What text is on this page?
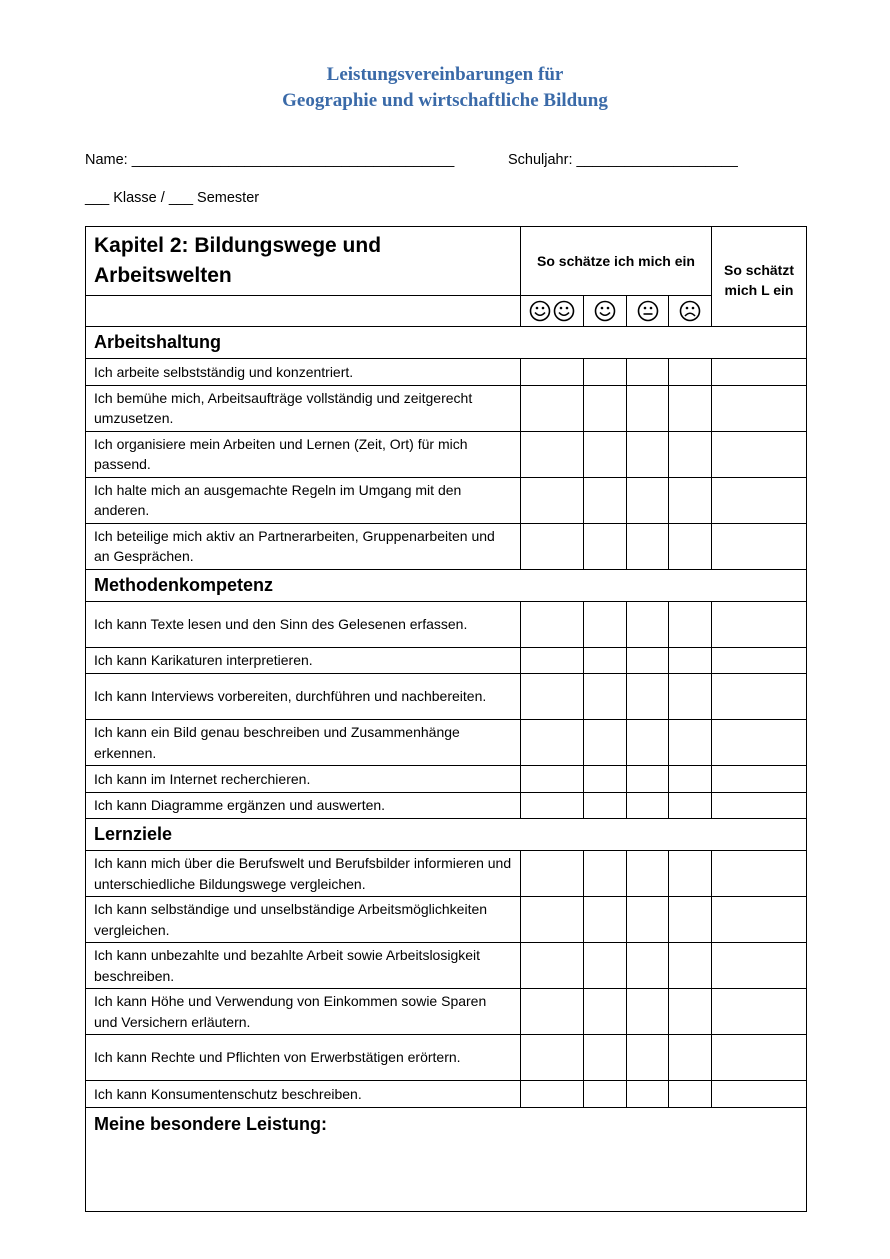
Leistungsvereinbarungen für
Geographie und wirtschaftliche Bildung
Name: ________________________________________	Schuljahr: ____________________
___ Klasse / ___ Semester
Kapitel 2: Bildungswege und Arbeitswelten	So schätze ich mich ein				So schätzt mich L ein

Arbeitshaltung					
Ich arbeite selbstständig und konzentriert.					
Ich bemühe mich, Arbeitsaufträge vollständig und zeitgerecht umzusetzen.					
Ich organisiere mein Arbeiten und Lernen (Zeit, Ort) für mich passend.					
Ich halte mich an ausgemachte Regeln im Umgang mit den anderen.					
Ich beteilige mich aktiv an Partnerarbeiten, Gruppenarbeiten und an Gesprächen.					
Methodenkompetenz					
Ich kann Texte lesen und den Sinn des Gelesenen erfassen.					
Ich kann Karikaturen interpretieren.					
Ich kann Interviews vorbereiten, durchführen und nachbereiten.					
Ich kann ein Bild genau beschreiben und Zusammenhänge erkennen.					
Ich kann im Internet recherchieren.					
Ich kann Diagramme ergänzen und auswerten.					
Lernziele					
Ich kann mich über die Berufswelt und Berufsbilder informieren und unterschiedliche Bildungswege vergleichen.					
Ich kann selbständige und unselbständige Arbeitsmöglichkeiten vergleichen.					
Ich kann unbezahlte und bezahlte Arbeit sowie Arbeitslosigkeit beschreiben.					
Ich kann Höhe und Verwendung von Einkommen sowie Sparen und Versichern erläutern.					
Ich kann Rechte und Pflichten von Erwerbstätigen erörtern.					
Ich kann Konsumentenschutz beschreiben.					
Meine besondere Leistung:					
